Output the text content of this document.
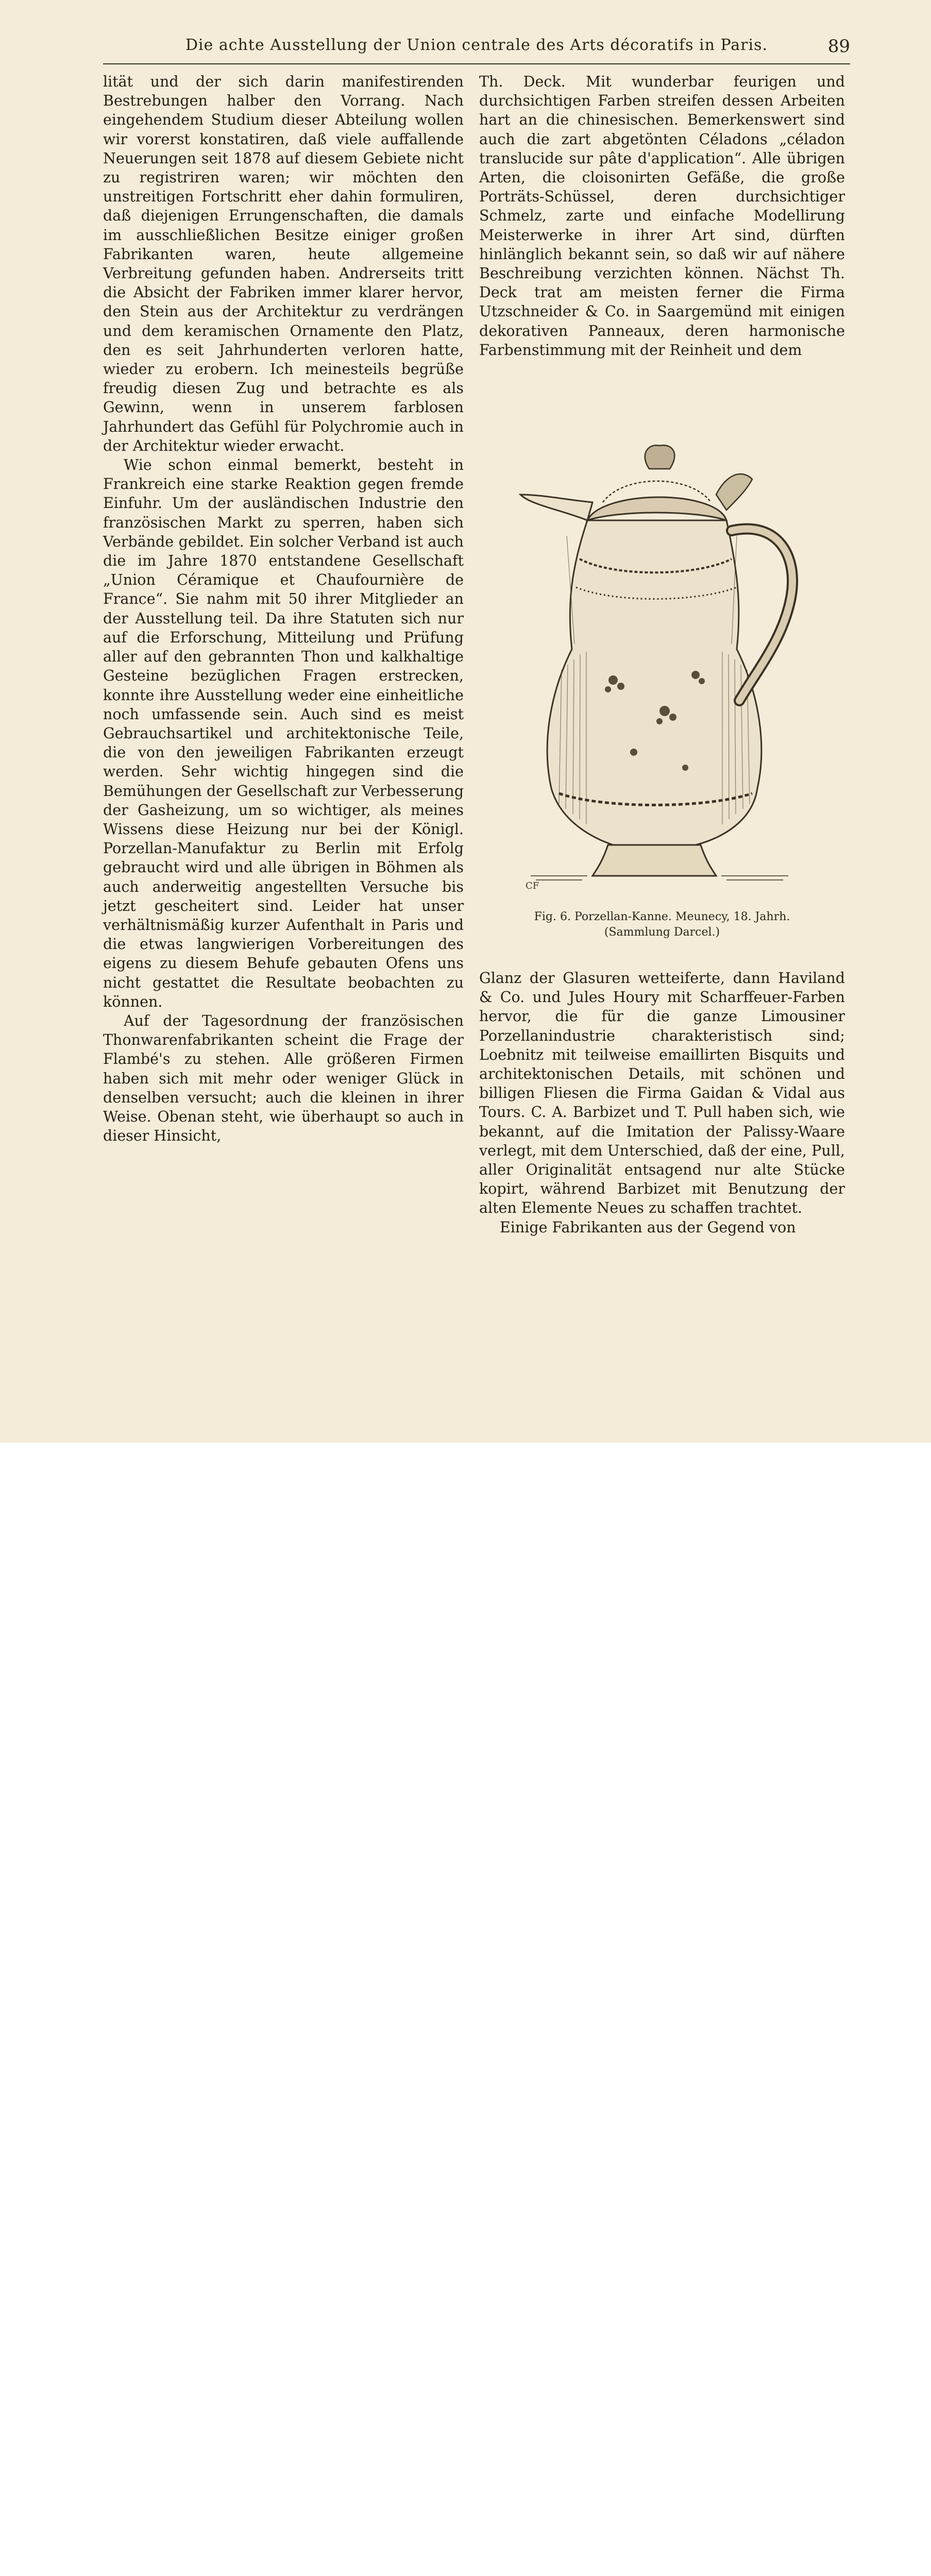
Die achte Ausstellung der Union centrale des Arts décoratifs in Paris.	89

lität und der sich darin manifestirenden Bestrebungen halber den Vorrang. Nach eingehendem Studium dieser Abteilung wollen wir vorerst konstatiren, daß viele auffallende Neuerungen seit 1878 auf diesem Gebiete nicht zu registriren waren; wir möchten den unstreitigen Fortschritt eher dahin formuliren, daß diejenigen Errungenschaften, die damals im ausschließlichen Besitze einiger großen Fabrikanten waren, heute allgemeine Verbreitung gefunden haben. Andrerseits tritt die Absicht der Fabriken immer klarer hervor, den Stein aus der Architektur zu verdrängen und dem keramischen Ornamente den Platz, den es seit Jahrhunderten verloren hatte, wieder zu erobern. Ich meinesteils begrüße freudig diesen Zug und betrachte es als Gewinn, wenn in unserem farblosen Jahrhundert das Gefühl für Polychromie auch in der Architektur wieder erwacht.

Wie schon einmal bemerkt, besteht in Frankreich eine starke Reaktion gegen fremde Einfuhr. Um der ausländischen Industrie den französischen Markt zu sperren, haben sich Verbände gebildet. Ein solcher Verband ist auch die im Jahre 1870 entstandene Gesellschaft „Union Céramique et Chaufournière de France“. Sie nahm mit 50 ihrer Mitglieder an der Ausstellung teil. Da ihre Statuten sich nur auf die Erforschung, Mitteilung und Prüfung aller auf den gebrannten Thon und kalkhaltige Gesteine bezüglichen Fragen erstrecken, konnte ihre Ausstellung weder eine einheitliche noch umfassende sein. Auch sind es meist Gebrauchsartikel und architektonische Teile, die von den jeweiligen Fabrikanten erzeugt werden. Sehr wichtig hingegen sind die Bemühungen der Gesellschaft zur Verbesserung der Gasheizung, um so wichtiger, als meines Wissens diese Heizung nur bei der Königl. Porzellan-Manufaktur zu Berlin mit Erfolg gebraucht wird und alle übrigen in Böhmen als auch anderweitig angestellten Versuche bis jetzt gescheitert sind. Leider hat unser verhältnismäßig kurzer Aufenthalt in Paris und die etwas langwierigen Vorbereitungen des eigens zu diesem Behufe gebauten Ofens uns nicht gestattet die Resultate beobachten zu können.

Auf der Tagesordnung der französischen Thonwarenfabrikanten scheint die Frage der Flambé's zu stehen. Alle größeren Firmen haben sich mit mehr oder weniger Glück in denselben versucht; auch die kleinen in ihrer Weise. Obenan steht, wie überhaupt so auch in dieser Hinsicht,

Th. Deck. Mit wunderbar feurigen und durchsichtigen Farben streifen dessen Arbeiten hart an die chinesischen. Bemerkenswert sind auch die zart abgetönten Céladons „céladon translucide sur pâte d'application“. Alle übrigen Arten, die cloisonirten Gefäße, die große Porträts-Schüssel, deren durchsichtiger Schmelz, zarte und einfache Modellirung Meisterwerke in ihrer Art sind, dürften hinlänglich bekannt sein, so daß wir auf nähere Beschreibung verzichten können. Nächst Th. Deck trat am meisten ferner die Firma Utzschneider & Co. in Saargemünd mit einigen dekorativen Panneaux, deren harmonische Farbenstimmung mit der Reinheit und dem

CF
Fig. 6. Porzellan-Kanne. Meunecy, 18. Jahrh.
(Sammlung Darcel.)

Glanz der Glasuren wetteiferte, dann Haviland & Co. und Jules Houry mit Scharffeuer-Farben hervor, die für die ganze Limousiner Porzellanindustrie charakteristisch sind; Loebnitz mit teilweise emaillirten Bisquits und architektonischen Details, mit schönen und billigen Fliesen die Firma Gaidan & Vidal aus Tours. C. A. Barbizet und T. Pull haben sich, wie bekannt, auf die Imitation der Palissy-Waare verlegt, mit dem Unterschied, daß der eine, Pull, aller Originalität entsagend nur alte Stücke kopirt, während Barbizet mit Benutzung der alten Elemente Neues zu schaffen trachtet.

Einige Fabrikanten aus der Gegend von
